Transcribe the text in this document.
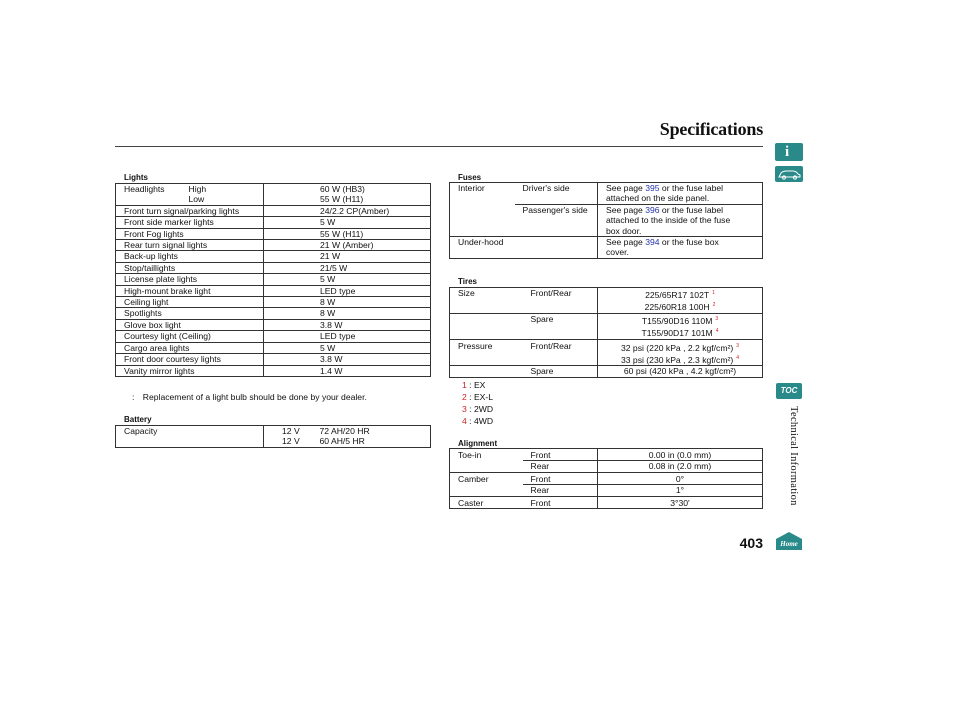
Specifications
Lights
Headlights	High	60 W (HB3)
	Low	55 W (H11)
Front turn signal/parking lights		24/2.2 CP(Amber)
Front side marker lights		5 W
Front Fog lights		55 W (H11)
Rear turn signal lights		21 W (Amber)
Back-up lights		21 W
Stop/taillights		21/5 W
License plate lights		5 W
High-mount brake light		LED type
Ceiling light		8 W
Spotlights		8 W
Glove box light		3.8 W
Courtesy light (Ceiling)		LED type
Cargo area lights		5 W
Front door courtesy lights		3.8 W
Vanity mirror lights		1.4 W
: Replacement of a light bulb should be done by your dealer.
Battery
Capacity	12 V	72 AH/20 HR
	12 V	60 AH/5 HR
Fuses
Interior	Driver's side	See page 395 or the fuse label
attached on the side panel.
	Passenger's side	See page 396 or the fuse label
attached to the inside of the fuse
box door.
Under-hood		See page 394 or the fuse box
cover.
Tires
Size	Front/Rear	225/65R17 102T $^1$
		225/60R18 100H $^2$
	Spare	T155/90D16 110M $^3$
		T155/90D17 101M $^4$
Pressure	Front/Rear	32 psi (220 kPa , 2.2 kgf/cm²) $^3$
		33 psi (230 kPa , 2.3 kgf/cm²) $^4$
	Spare	60 psi (420 kPa , 4.2 kgf/cm²)
1 : EX
2 : EX-L
3 : 2WD
4 : 4WD
Alignment
Toe-in	Front	0.00 in (0.0 mm)
	Rear	0.08 in (2.0 mm)
Camber	Front	0°
	Rear	1°
Caster	Front	3°30'
i
TOC
Technical Information
403 Home
